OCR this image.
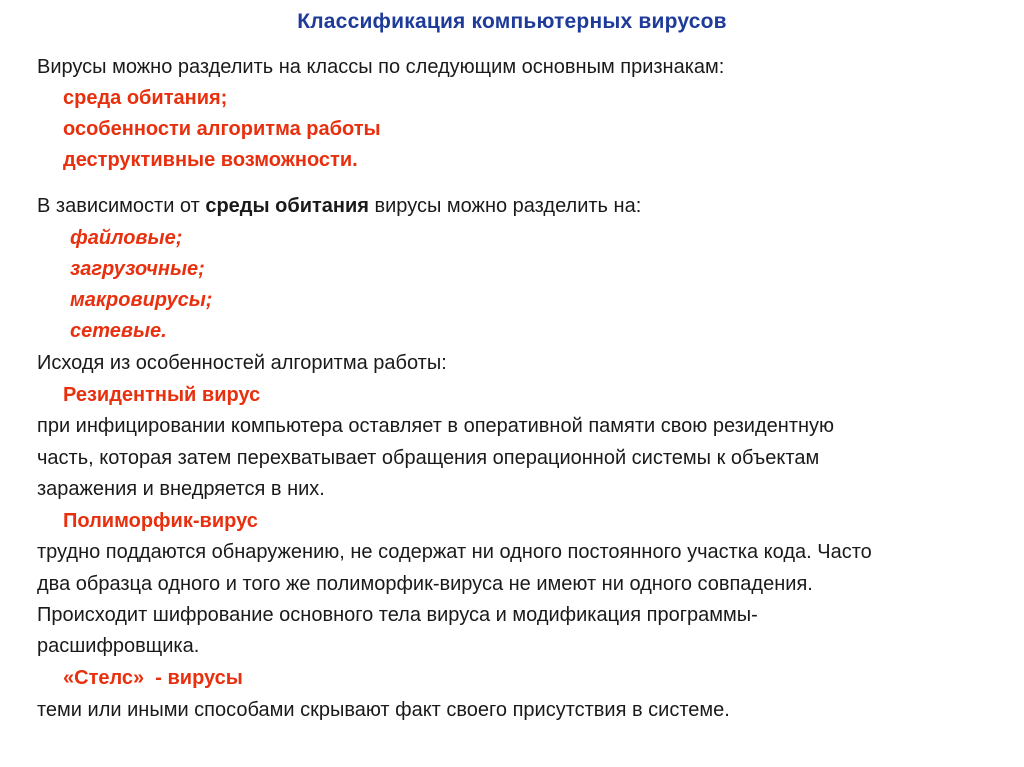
Классификация компьютерных вирусов
Вирусы можно разделить на классы по следующим основным признакам:
среда обитания;
особенности алгоритма работы
деструктивные возможности.
В зависимости от среды обитания вирусы можно разделить на:
файловые;
загрузочные;
макровирусы;
сетевые.
Исходя из особенностей алгоритма работы:
Резидентный вирус
при инфицировании компьютера оставляет в оперативной памяти свою резидентную
часть, которая затем перехватывает обращения операционной системы к объектам
заражения и внедряется в них.
Полиморфик-вирус
трудно поддаются обнаружению, не содержат ни одного постоянного участка кода. Часто
два образца одного и того же полиморфик-вируса не имеют ни одного совпадения.
Происходит шифрование основного тела вируса и модификация программы-
расшифровщика.
«Стелс»  - вирусы
теми или иными способами скрывают факт своего присутствия в системе.
